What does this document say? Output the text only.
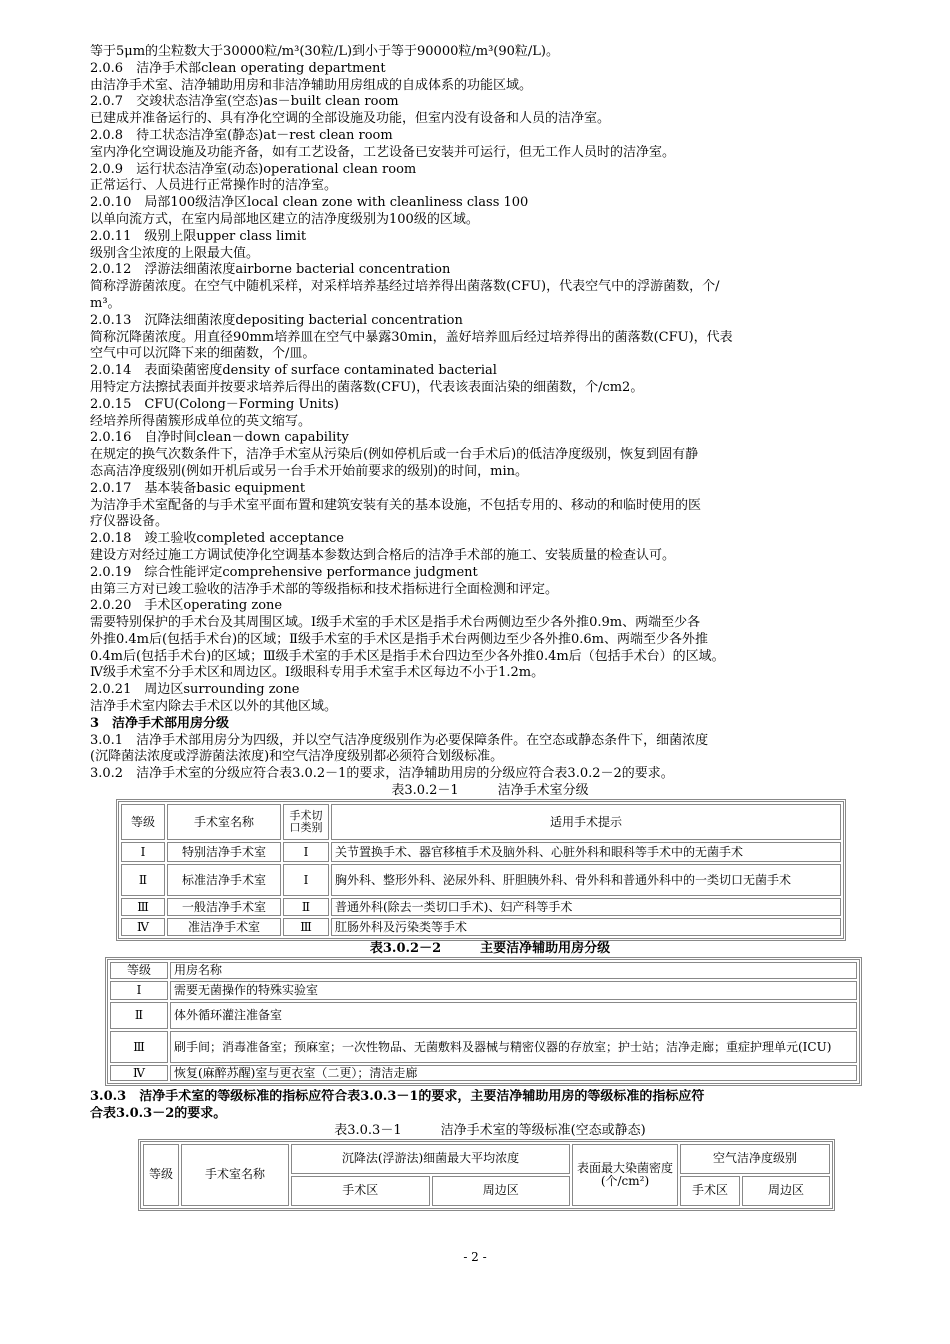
等于5μm的尘粒数大于30000粒/m³(30粒/L)到小于等于90000粒/m³(90粒/L)。
2.0.6　洁净手术部clean operating department
由洁净手术室、洁净辅助用房和非洁净辅助用房组成的自成体系的功能区域。
2.0.7　交竣状态洁净室(空态)as－built clean room
已建成并准备运行的、具有净化空调的全部设施及功能，但室内没有设备和人员的洁净室。
2.0.8　待工状态洁净室(静态)at－rest clean room
室内净化空调设施及功能齐备，如有工艺设备，工艺设备已安装并可运行，但无工作人员时的洁净室。
2.0.9　运行状态洁净室(动态)operational clean room
正常运行、人员进行正常操作时的洁净室。
2.0.10　局部100级洁净区local clean zone with cleanliness class 100
以单向流方式，在室内局部地区建立的洁净度级别为100级的区域。
2.0.11　级别上限upper class limit
级别含尘浓度的上限最大值。
2.0.12　浮游法细菌浓度airborne bacterial concentration
简称浮游菌浓度。在空气中随机采样，对采样培养基经过培养得出菌落数(CFU)，代表空气中的浮游菌数，个/
m³。
2.0.13　沉降法细菌浓度depositing bacterial concentration
简称沉降菌浓度。用直径90mm培养皿在空气中暴露30min，盖好培养皿后经过培养得出的菌落数(CFU)，代表
空气中可以沉降下来的细菌数，个/皿。
2.0.14　表面染菌密度density of surface contaminated bacterial
用特定方法擦拭表面并按要求培养后得出的菌落数(CFU)，代表该表面沾染的细菌数，个/cm2。
2.0.15　CFU(Colong－Forming Units)
经培养所得菌簇形成单位的英文缩写。
2.0.16　自净时间clean－down capability
在规定的换气次数条件下，洁净手术室从污染后(例如停机后或一台手术后)的低洁净度级别，恢复到固有静
态高洁净度级别(例如开机后或另一台手术开始前要求的级别)的时间，min。
2.0.17　基本装备basic equipment
为洁净手术室配备的与手术室平面布置和建筑安装有关的基本设施，不包括专用的、移动的和临时使用的医
疗仪器设备。
2.0.18　竣工验收completed acceptance
建设方对经过施工方调试使净化空调基本参数达到合格后的洁净手术部的施工、安装质量的检查认可。
2.0.19　综合性能评定comprehensive performance judgment
由第三方对已竣工验收的洁净手术部的等级指标和技术指标进行全面检测和评定。
2.0.20　手术区operating zone
需要特别保护的手术台及其周围区域。Ⅰ级手术室的手术区是指手术台两侧边至少各外推0.9m、两端至少各
外推0.4m后(包括手术台)的区域；Ⅱ级手术室的手术区是指手术台两侧边至少各外推0.6m、两端至少各外推
0.4m后(包括手术台)的区域；Ⅲ级手术室的手术区是指手术台四边至少各外推0.4m后（包括手术台）的区域。
Ⅳ级手术室不分手术区和周边区。Ⅰ级眼科专用手术室手术区每边不小于1.2m。
2.0.21　周边区surrounding zone
洁净手术室内除去手术区以外的其他区域。
3　洁净手术部用房分级
3.0.1　洁净手术部用房分为四级，并以空气洁净度级别作为必要保障条件。在空态或静态条件下，细菌浓度
(沉降菌法浓度或浮游菌法浓度)和空气洁净度级别都必须符合划级标准。
3.0.2　洁净手术室的分级应符合表3.0.2－1的要求，洁净辅助用房的分级应符合表3.0.2－2的要求。
表3.0.2－1　　　洁净手术室分级
等级	手术室名称	手术切口类别	适用手术提示
Ⅰ	特别洁净手术室	Ⅰ	关节置换手术、器官移植手术及脑外科、心脏外科和眼科等手术中的无菌手术
Ⅱ	标准洁净手术室	Ⅰ	胸外科、整形外科、泌尿外科、肝胆胰外科、骨外科和普通外科中的一类切口无菌手术
Ⅲ	一般洁净手术室	Ⅱ	普通外科(除去一类切口手术)、妇产科等手术
Ⅳ	准洁净手术室	Ⅲ	肛肠外科及污染类等手术
表3.0.2－2　　　主要洁净辅助用房分级
等级	用房名称
Ⅰ	需要无菌操作的特殊实验室
Ⅱ	体外循环灌注准备室
Ⅲ	刷手间；消毒准备室；预麻室；一次性物品、无菌敷料及器械与精密仪器的存放室；护士站；洁净走廊；重症护理单元(ICU)
Ⅳ	恢复(麻醉苏醒)室与更衣室（二更）；清洁走廊
3.0.3　洁净手术室的等级标准的指标应符合表3.0.3－1的要求，主要洁净辅助用房的等级标准的指标应符
合表3.0.3－2的要求。
表3.0.3－1　　　洁净手术室的等级标准(空态或静态)
等级	手术室名称	沉降法(浮游法)细菌最大平均浓度		表面最大染菌密度(个/cm²)	空气洁净度级别	
		手术区	周边区		手术区	周边区
- 2 -
